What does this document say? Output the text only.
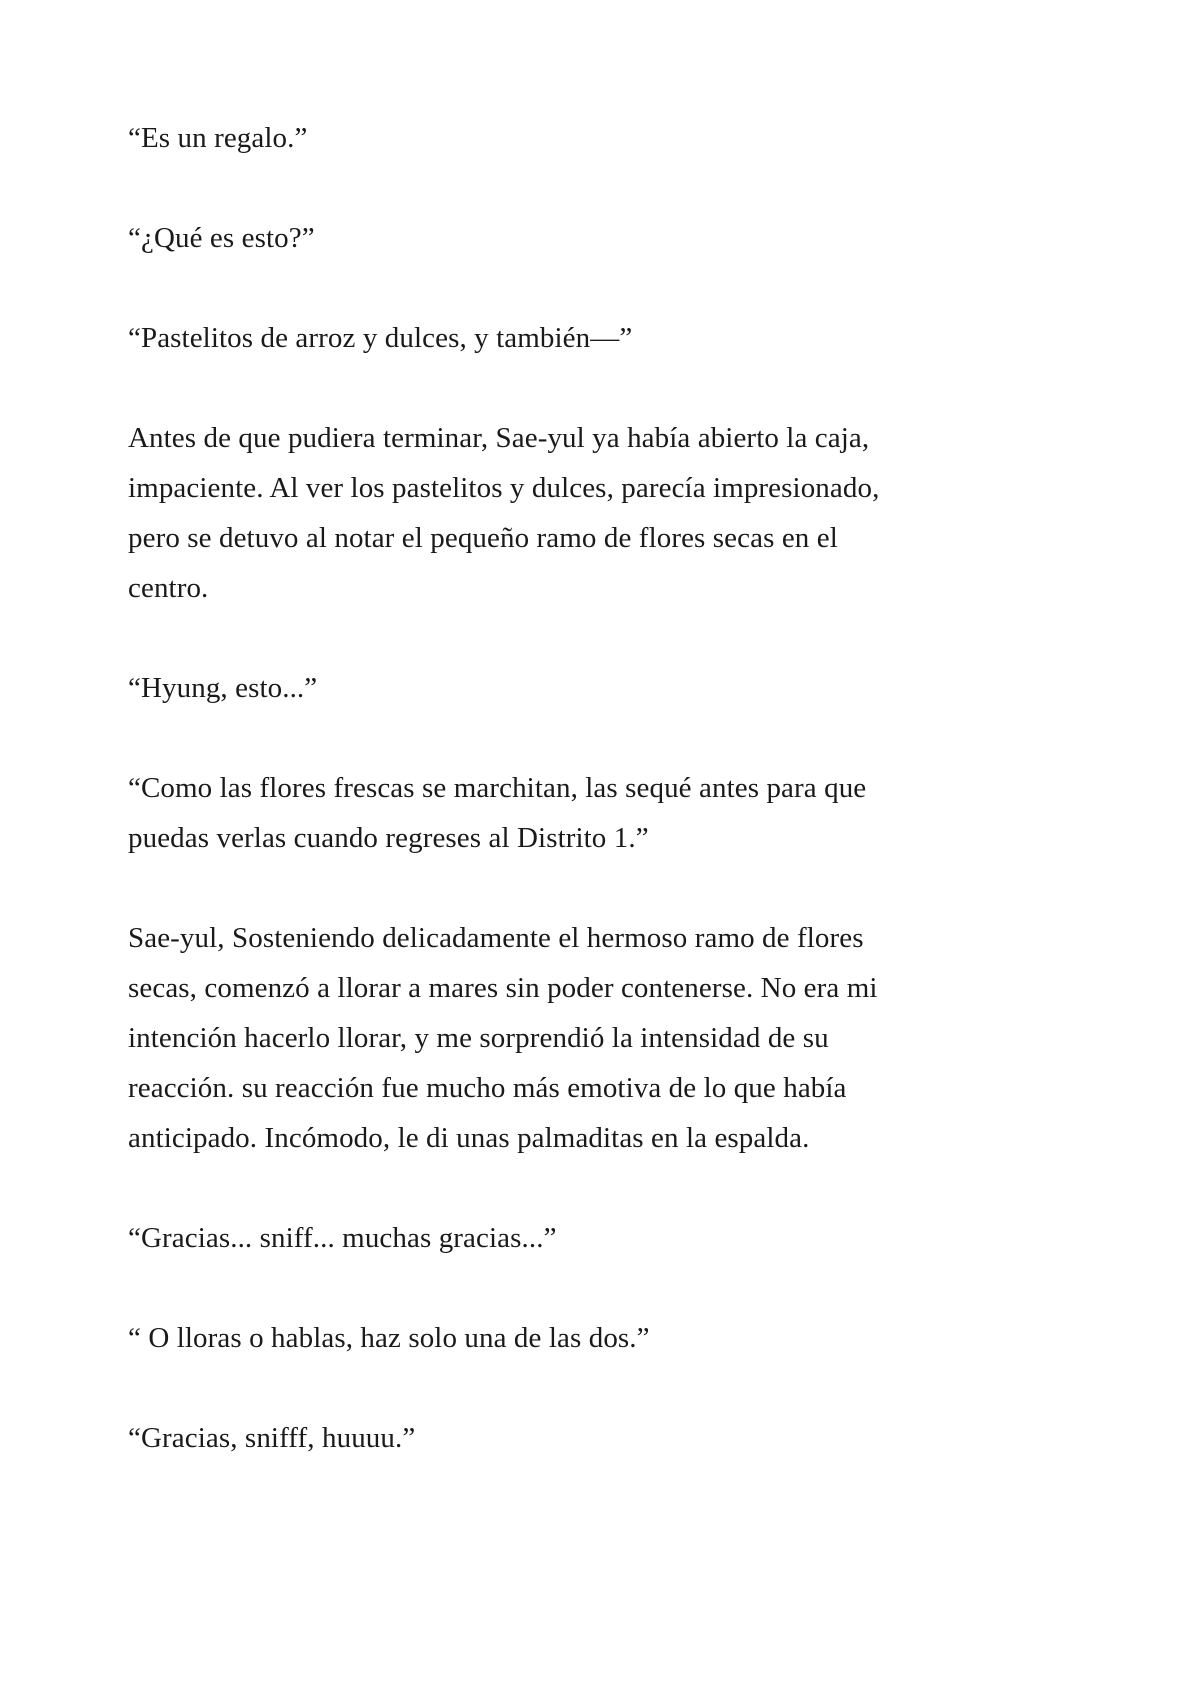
“Es un regalo.”

“¿Qué es esto?”

“Pastelitos de arroz y dulces, y también—”

Antes de que pudiera terminar, Sae-yul ya había abierto la caja,
impaciente. Al ver los pastelitos y dulces, parecía impresionado,
pero se detuvo al notar el pequeño ramo de flores secas en el
centro.

“Hyung, esto...”

“Como las flores frescas se marchitan, las sequé antes para que
puedas verlas cuando regreses al Distrito 1.”

Sae-yul, Sosteniendo delicadamente el hermoso ramo de flores
secas, comenzó a llorar a mares sin poder contenerse. No era mi
intención hacerlo llorar, y me sorprendió la intensidad de su
reacción. su reacción fue mucho más emotiva de lo que había
anticipado. Incómodo, le di unas palmaditas en la espalda.

“Gracias... sniff... muchas gracias...”

“ O lloras o hablas, haz solo una de las dos.”

“Gracias, snifff, huuuu.”
